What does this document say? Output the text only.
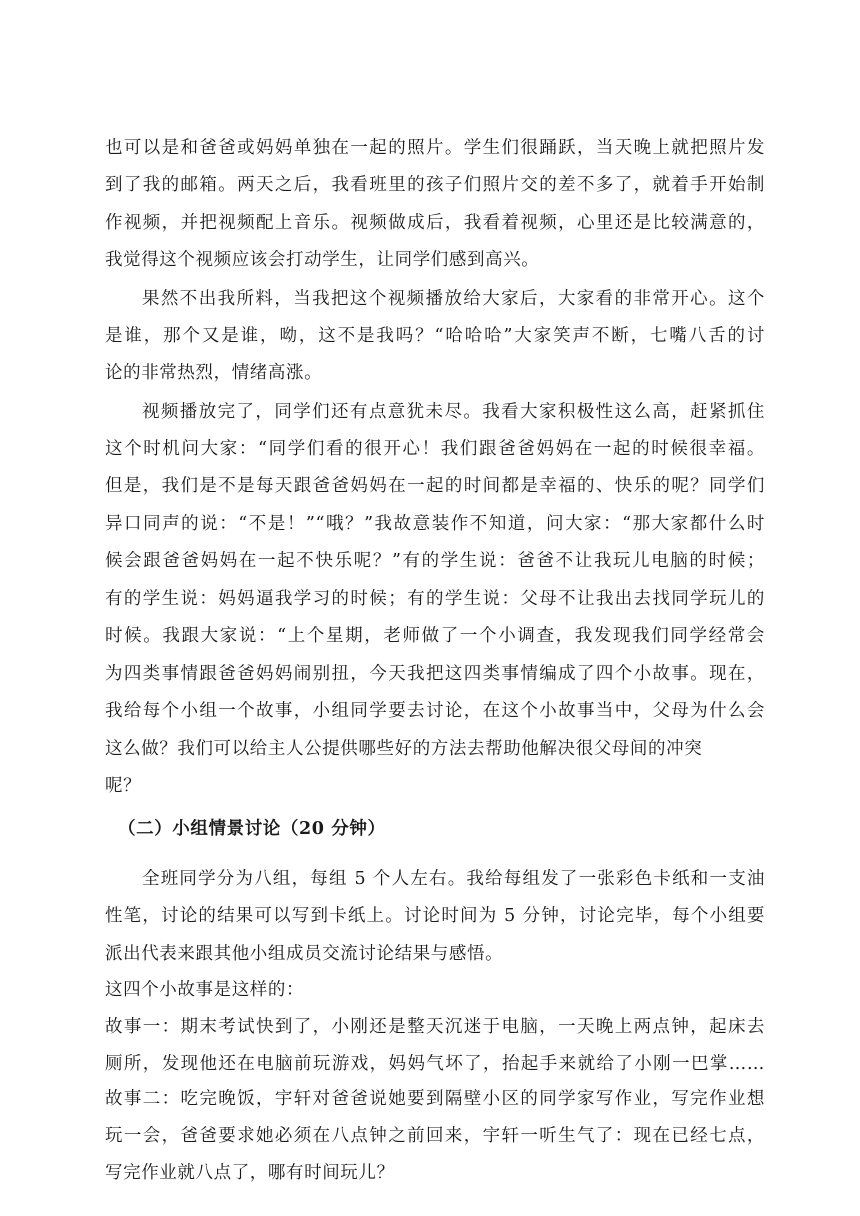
也可以是和爸爸或妈妈单独在一起的照片。学生们很踊跃，当天晚上就把照片发
到了我的邮箱。两天之后，我看班里的孩子们照片交的差不多了，就着手开始制
作视频，并把视频配上音乐。视频做成后，我看着视频，心里还是比较满意的，
我觉得这个视频应该会打动学生，让同学们感到高兴。
果然不出我所料，当我把这个视频播放给大家后，大家看的非常开心。这个
是谁，那个又是谁，呦，这不是我吗？“哈哈哈”大家笑声不断，七嘴八舌的讨
论的非常热烈，情绪高涨。
视频播放完了，同学们还有点意犹未尽。我看大家积极性这么高，赶紧抓住
这个时机问大家：“同学们看的很开心！我们跟爸爸妈妈在一起的时候很幸福。
但是，我们是不是每天跟爸爸妈妈在一起的时间都是幸福的、快乐的呢？同学们
异口同声的说：“不是！”“哦？”我故意装作不知道，问大家：“那大家都什么时
候会跟爸爸妈妈在一起不快乐呢？”有的学生说：爸爸不让我玩儿电脑的时候；
有的学生说：妈妈逼我学习的时候；有的学生说：父母不让我出去找同学玩儿的
时候。我跟大家说：“上个星期，老师做了一个小调查，我发现我们同学经常会
为四类事情跟爸爸妈妈闹别扭，今天我把这四类事情编成了四个小故事。现在，
我给每个小组一个故事，小组同学要去讨论，在这个小故事当中，父母为什么会
这么做？我们可以给主人公提供哪些好的方法去帮助他解决很父母间的冲突
呢？
（二）小组情景讨论（20 分钟）
全班同学分为八组，每组 5 个人左右。我给每组发了一张彩色卡纸和一支油
性笔，讨论的结果可以写到卡纸上。讨论时间为 5 分钟，讨论完毕，每个小组要
派出代表来跟其他小组成员交流讨论结果与感悟。
这四个小故事是这样的：
故事一：期末考试快到了，小刚还是整天沉迷于电脑，一天晚上两点钟，起床去
厕所，发现他还在电脑前玩游戏，妈妈气坏了，抬起手来就给了小刚一巴掌……
故事二：吃完晚饭，宇轩对爸爸说她要到隔壁小区的同学家写作业，写完作业想
玩一会，爸爸要求她必须在八点钟之前回来，宇轩一听生气了：现在已经七点，
写完作业就八点了，哪有时间玩儿？
